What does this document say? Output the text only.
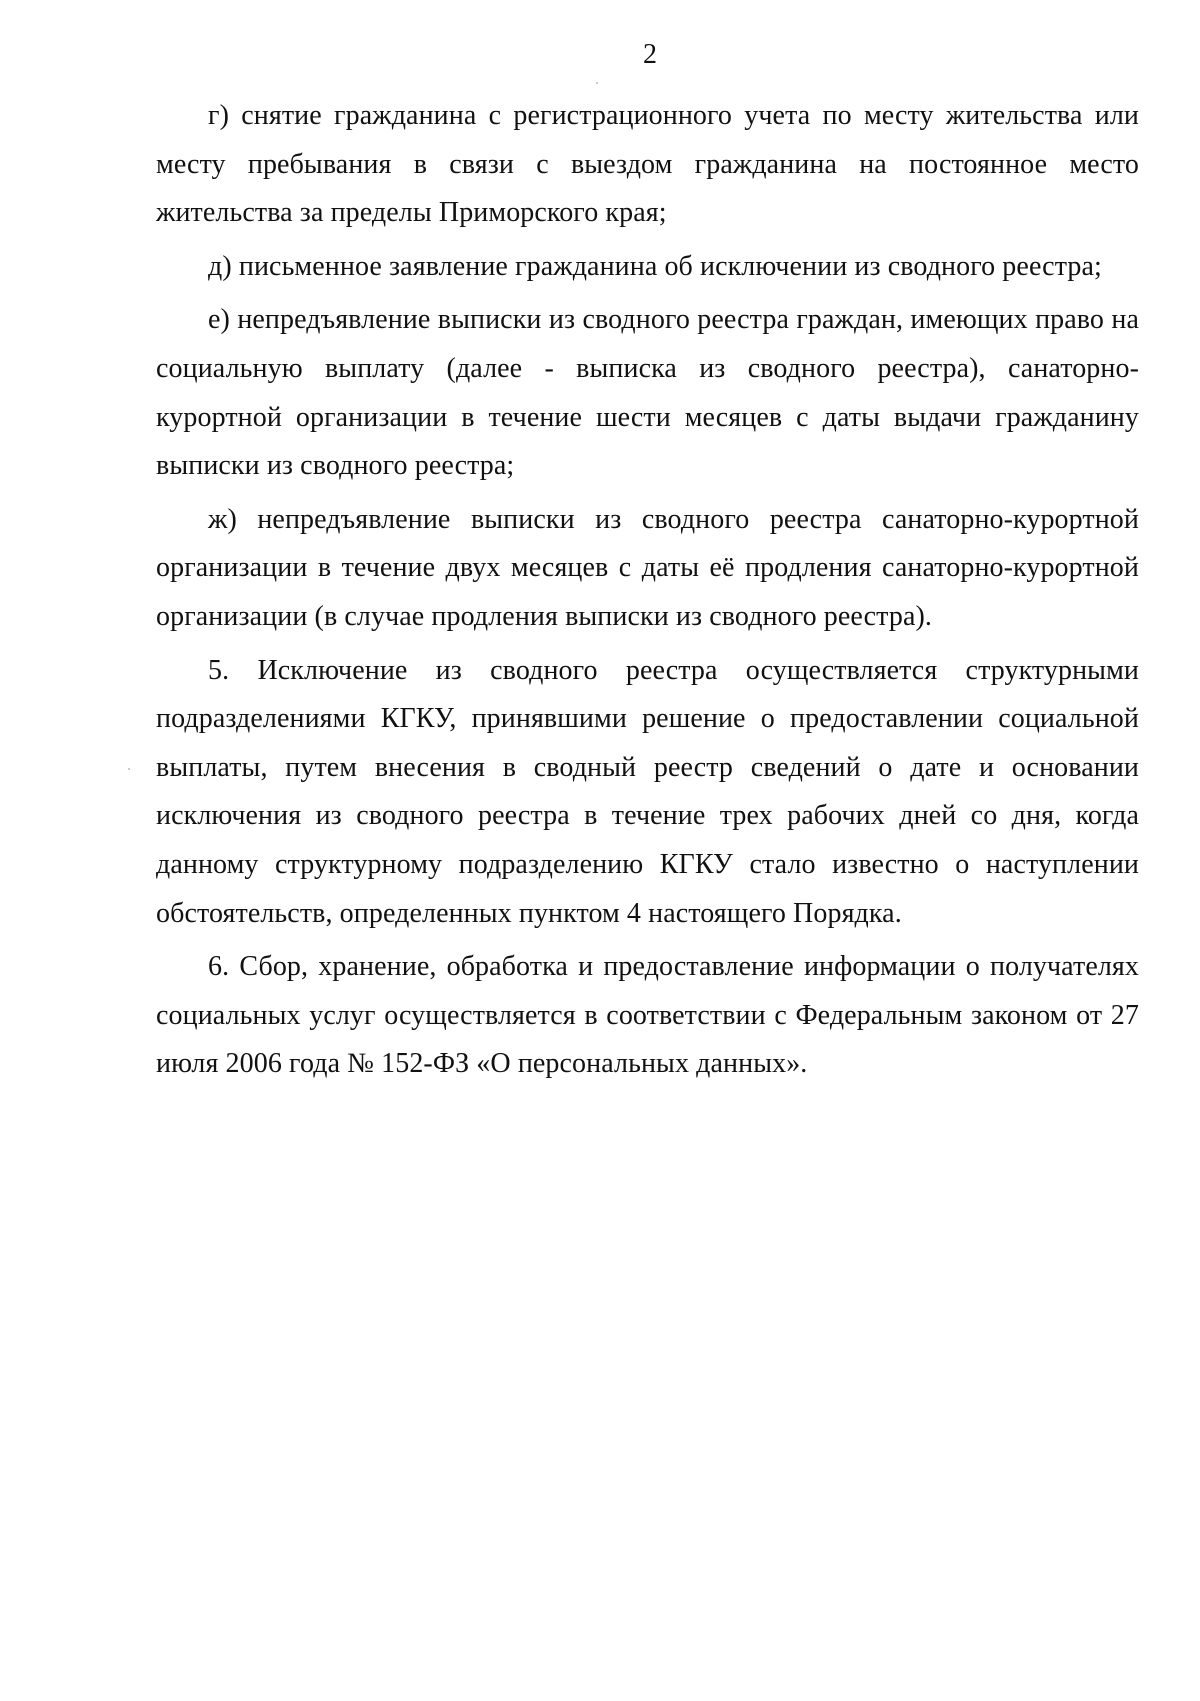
2

г) снятие гражданина с регистрационного учета по месту жительства или месту пребывания в связи с выездом гражданина на постоянное место жительства за пределы Приморского края;

д) письменное заявление гражданина об исключении из сводного реестра;

е) непредъявление выписки из сводного реестра граждан, имеющих право на социальную выплату (далее - выписка из сводного реестра), санаторно-курортной организации в течение шести месяцев с даты выдачи гражданину выписки из сводного реестра;

ж) непредъявление выписки из сводного реестра санаторно-курортной организации в течение двух месяцев с даты её продления санаторно-курортной организации (в случае продления выписки из сводного реестра).

5. Исключение из сводного реестра осуществляется структурными подразделениями КГКУ, принявшими решение о предоставлении социальной выплаты, путем внесения в сводный реестр сведений о дате и основании исключения из сводного реестра в течение трех рабочих дней со дня, когда данному структурному подразделению КГКУ стало известно о наступлении обстоятельств, определенных пунктом 4 настоящего Порядка.

6. Сбор, хранение, обработка и предоставление информации о получателях социальных услуг осуществляется в соответствии с Федеральным законом от 27 июля 2006 года № 152-ФЗ «О персональных данных».
